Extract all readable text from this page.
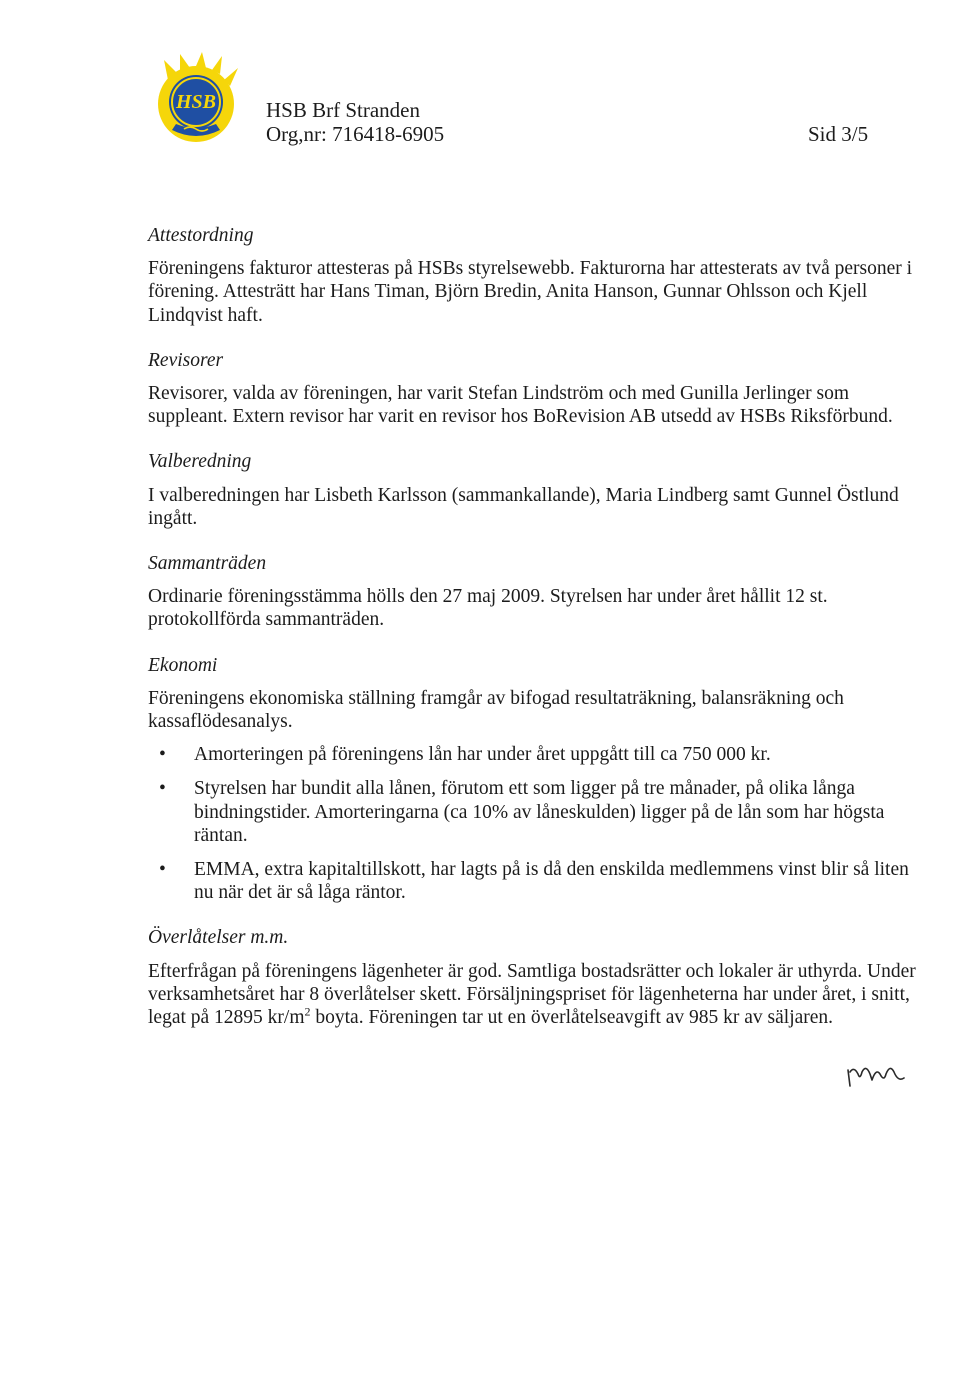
HSB HSB Brf Stranden
Org,nr: 716418-6905	Sid 3/5

Attestordning

Föreningens fakturor attesteras på HSBs styrelsewebb. Fakturorna har attesterats av två personer i förening. Attesträtt har Hans Timan, Björn Bredin, Anita Hanson, Gunnar Ohlsson och Kjell Lindqvist haft.

Revisorer

Revisorer, valda av föreningen, har varit Stefan Lindström och med Gunilla Jerlinger som suppleant. Extern revisor har varit en revisor hos BoRevision AB utsedd av HSBs Riksförbund.

Valberedning

I valberedningen har Lisbeth Karlsson (sammankallande), Maria Lindberg samt Gunnel Östlund ingått.

Sammanträden

Ordinarie föreningsstämma hölls den 27 maj 2009. Styrelsen har under året hållit 12 st. protokollförda sammanträden.

Ekonomi

Föreningens ekonomiska ställning framgår av bifogad resultaträkning, balansräkning och kassaflödesanalys.

• Amorteringen på föreningens lån har under året uppgått till ca 750 000 kr.
• Styrelsen har bundit alla lånen, förutom ett som ligger på tre månader, på olika långa bindningstider. Amorteringarna (ca 10% av låneskulden) ligger på de lån som har högsta räntan.
• EMMA, extra kapitaltillskott, har lagts på is då den enskilda medlemmens vinst blir så liten nu när det är så låga räntor.

Överlåtelser m.m.

Efterfrågan på föreningens lägenheter är god. Samtliga bostadsrätter och lokaler är uthyrda. Under verksamhetsåret har 8 överlåtelser skett. Försäljningspriset för lägenheterna har under året, i snitt, legat på 12895 $kr/m^2$ boyta. Föreningen tar ut en överlåtelseavgift av 985 kr av säljaren.
